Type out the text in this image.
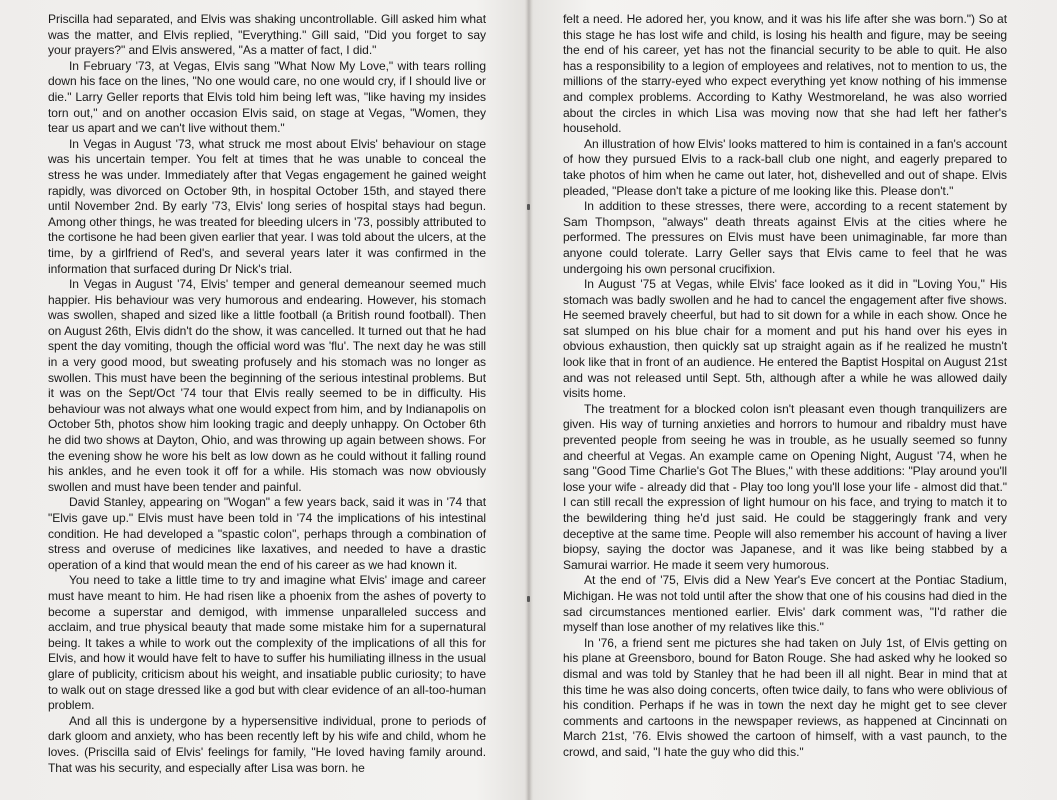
Priscilla had separated, and Elvis was shaking uncontrollable. Gill asked him what was the matter, and Elvis replied, "Everything." Gill said, "Did you forget to say your prayers?" and Elvis answered, "As a matter of fact, I did."

In February '73, at Vegas, Elvis sang "What Now My Love," with tears rolling down his face on the lines, "No one would care, no one would cry, if I should live or die." Larry Geller reports that Elvis told him being left was, "like having my insides torn out," and on another occasion Elvis said, on stage at Vegas, "Women, they tear us apart and we can't live without them."

In Vegas in August '73, what struck me most about Elvis' behaviour on stage was his uncertain temper. You felt at times that he was unable to conceal the stress he was under. Immediately after that Vegas engagement he gained weight rapidly, was divorced on October 9th, in hospital October 15th, and stayed there until November 2nd. By early '73, Elvis' long series of hospital stays had begun. Among other things, he was treated for bleeding ulcers in '73, possibly attributed to the cortisone he had been given earlier that year. I was told about the ulcers, at the time, by a girlfriend of Red's, and several years later it was confirmed in the information that surfaced during Dr Nick's trial.

In Vegas in August '74, Elvis' temper and general demeanour seemed much happier. His behaviour was very humorous and endearing. However, his stomach was swollen, shaped and sized like a little football (a British round football). Then on August 26th, Elvis didn't do the show, it was cancelled. It turned out that he had spent the day vomiting, though the official word was 'flu'. The next day he was still in a very good mood, but sweating profusely and his stomach was no longer as swollen. This must have been the beginning of the serious intestinal problems. But it was on the Sept/Oct '74 tour that Elvis really seemed to be in difficulty. His behaviour was not always what one would expect from him, and by Indianapolis on October 5th, photos show him looking tragic and deeply unhappy. On October 6th he did two shows at Dayton, Ohio, and was throwing up again between shows. For the evening show he wore his belt as low down as he could without it falling round his ankles, and he even took it off for a while. His stomach was now obviously swollen and must have been tender and painful.

David Stanley, appearing on "Wogan" a few years back, said it was in '74 that "Elvis gave up." Elvis must have been told in '74 the implications of his intestinal condition. He had developed a "spastic colon", perhaps through a combination of stress and overuse of medicines like laxatives, and needed to have a drastic operation of a kind that would mean the end of his career as we had known it.

You need to take a little time to try and imagine what Elvis' image and career must have meant to him. He had risen like a phoenix from the ashes of poverty to become a superstar and demigod, with immense unparalleled success and acclaim, and true physical beauty that made some mistake him for a supernatural being. It takes a while to work out the complexity of the implications of all this for Elvis, and how it would have felt to have to suffer his humiliating illness in the usual glare of publicity, criticism about his weight, and insatiable public curiosity; to have to walk out on stage dressed like a god but with clear evidence of an all-too-human problem.

And all this is undergone by a hypersensitive individual, prone to periods of dark gloom and anxiety, who has been recently left by his wife and child, whom he loves. (Priscilla said of Elvis' feelings for family, "He loved having family around. That was his security, and especially after Lisa was born. he

felt a need. He adored her, you know, and it was his life after she was born.") So at this stage he has lost wife and child, is losing his health and figure, may be seeing the end of his career, yet has not the financial security to be able to quit. He also has a responsibility to a legion of employees and relatives, not to mention to us, the millions of the starry-eyed who expect everything yet know nothing of his immense and complex problems. According to Kathy Westmoreland, he was also worried about the circles in which Lisa was moving now that she had left her father's household.

An illustration of how Elvis' looks mattered to him is contained in a fan's account of how they pursued Elvis to a rack-ball club one night, and eagerly prepared to take photos of him when he came out later, hot, dishevelled and out of shape. Elvis pleaded, "Please don't take a picture of me looking like this. Please don't."

In addition to these stresses, there were, according to a recent statement by Sam Thompson, "always" death threats against Elvis at the cities where he performed. The pressures on Elvis must have been unimaginable, far more than anyone could tolerate. Larry Geller says that Elvis came to feel that he was undergoing his own personal crucifixion.

In August '75 at Vegas, while Elvis' face looked as it did in "Loving You," His stomach was badly swollen and he had to cancel the engagement after five shows. He seemed bravely cheerful, but had to sit down for a while in each show. Once he sat slumped on his blue chair for a moment and put his hand over his eyes in obvious exhaustion, then quickly sat up straight again as if he realized he mustn't look like that in front of an audience. He entered the Baptist Hospital on August 21st and was not released until Sept. 5th, although after a while he was allowed daily visits home.

The treatment for a blocked colon isn't pleasant even though tranquilizers are given. His way of turning anxieties and horrors to humour and ribaldry must have prevented people from seeing he was in trouble, as he usually seemed so funny and cheerful at Vegas. An example came on Opening Night, August '74, when he sang "Good Time Charlie's Got The Blues," with these additions: "Play around you'll lose your wife - already did that - Play too long you'll lose your life - almost did that." I can still recall the expression of light humour on his face, and trying to match it to the bewildering thing he'd just said. He could be staggeringly frank and very deceptive at the same time. People will also remember his account of having a liver biopsy, saying the doctor was Japanese, and it was like being stabbed by a Samurai warrior. He made it seem very humorous.

At the end of '75, Elvis did a New Year's Eve concert at the Pontiac Stadium, Michigan. He was not told until after the show that one of his cousins had died in the sad circumstances mentioned earlier. Elvis' dark comment was, "I'd rather die myself than lose another of my relatives like this."

In '76, a friend sent me pictures she had taken on July 1st, of Elvis getting on his plane at Greensboro, bound for Baton Rouge. She had asked why he looked so dismal and was told by Stanley that he had been ill all night. Bear in mind that at this time he was also doing concerts, often twice daily, to fans who were oblivious of his condition. Perhaps if he was in town the next day he might get to see clever comments and cartoons in the newspaper reviews, as happened at Cincinnati on March 21st, '76. Elvis showed the cartoon of himself, with a vast paunch, to the crowd, and said, "I hate the guy who did this."
